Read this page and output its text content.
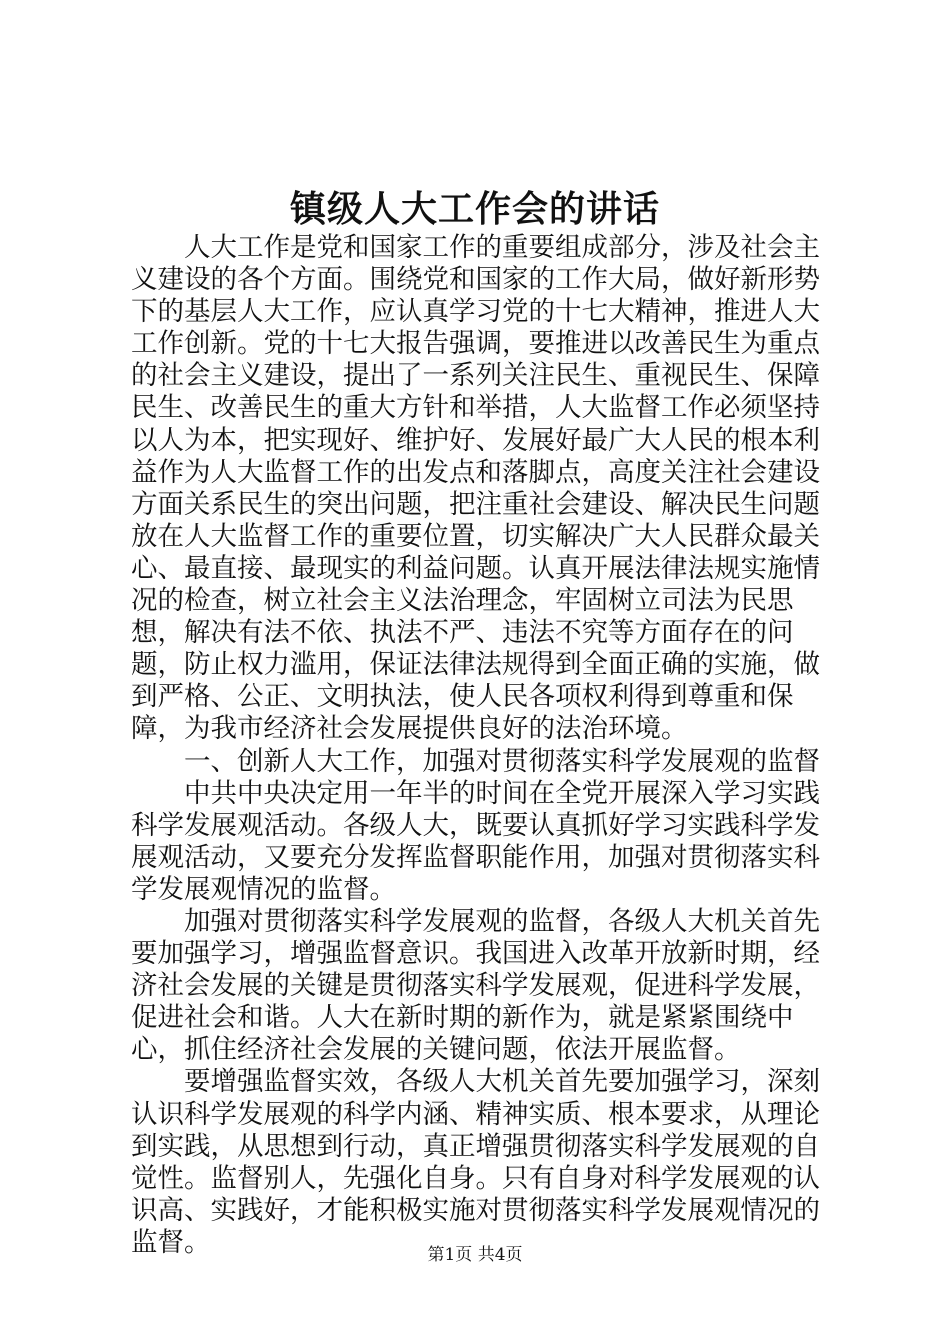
镇级人大工作会的讲话

人大工作是党和国家工作的重要组成部分，涉及社会主义建设的各个方面。围绕党和国家的工作大局，做好新形势下的基层人大工作，应认真学习党的十七大精神，推进人大工作创新。党的十七大报告强调，要推进以改善民生为重点的社会主义建设，提出了一系列关注民生、重视民生、保障民生、改善民生的重大方针和举措，人大监督工作必须坚持以人为本，把实现好、维护好、发展好最广大人民的根本利益作为人大监督工作的出发点和落脚点，高度关注社会建设方面关系民生的突出问题，把注重社会建设、解决民生问题放在人大监督工作的重要位置，切实解决广大人民群众最关心、最直接、最现实的利益问题。认真开展法律法规实施情况的检查，树立社会主义法治理念，牢固树立司法为民思想，解决有法不依、执法不严、违法不究等方面存在的问题，防止权力滥用，保证法律法规得到全面正确的实施，做到严格、公正、文明执法，使人民各项权利得到尊重和保障，为我市经济社会发展提供良好的法治环境。

一、创新人大工作，加强对贯彻落实科学发展观的监督

中共中央决定用一年半的时间在全党开展深入学习实践科学发展观活动。各级人大，既要认真抓好学习实践科学发展观活动，又要充分发挥监督职能作用，加强对贯彻落实科学发展观情况的监督。

加强对贯彻落实科学发展观的监督，各级人大机关首先要加强学习，增强监督意识。我国进入改革开放新时期，经济社会发展的关键是贯彻落实科学发展观，促进科学发展，促进社会和谐。人大在新时期的新作为，就是紧紧围绕中心，抓住经济社会发展的关键问题，依法开展监督。

要增强监督实效，各级人大机关首先要加强学习，深刻认识科学发展观的科学内涵、精神实质、根本要求，从理论到实践，从思想到行动，真正增强贯彻落实科学发展观的自觉性。监督别人，先强化自身。只有自身对科学发展观的认识高、实践好，才能积极实施对贯彻落实科学发展观情况的监督。	第1页 共4页
